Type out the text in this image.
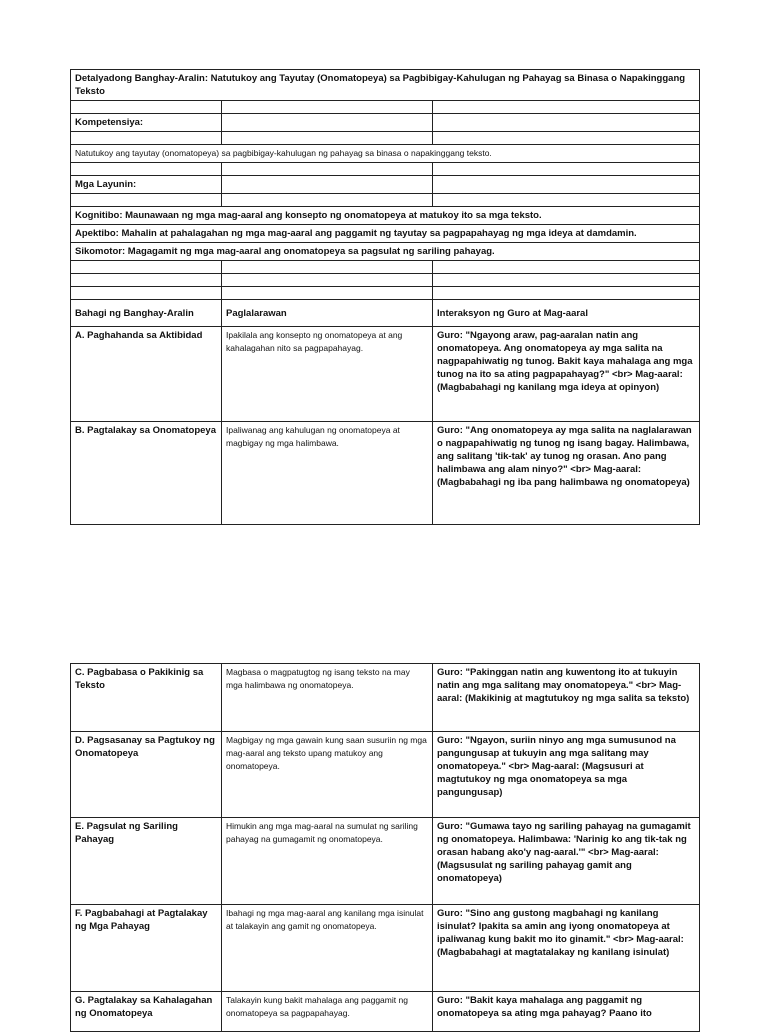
Detalyadong Banghay-Aralin: Natutukoy ang Tayutay (Onomatopeya) sa Pagbibigay-Kahulugan ng Pahayag sa Binasa o Napakinggang Teksto		

Kompetensiya:		

Natutukoy ang tayutay (onomatopeya) sa pagbibigay-kahulugan ng pahayag sa binasa o napakinggang teksto.		

Mga Layunin:		

Kognitibo: Maunawaan ng mga mag-aaral ang konsepto ng onomatopeya at matukoy ito sa mga teksto.		
Apektibo: Mahalin at pahalagahan ng mga mag-aaral ang paggamit ng tayutay sa pagpapahayag ng mga ideya at damdamin.		
Sikomotor: Magagamit ng mga mag-aaral ang onomatopeya sa pagsulat ng sariling pahayag.		

Bahagi ng Banghay-Aralin	Paglalarawan	Interaksyon ng Guro at Mag-aaral
A. Paghahanda sa Aktibidad	Ipakilala ang konsepto ng onomatopeya at ang kahalagahan nito sa pagpapahayag.	Guro: "Ngayong araw, pag-aaralan natin ang onomatopeya. Ang onomatopeya ay mga salita na nagpapahiwatig ng tunog. Bakit kaya mahalaga ang mga tunog na ito sa ating pagpapahayag?" <br> Mag-aaral: (Magbabahagi ng kanilang mga ideya at opinyon)
B. Pagtalakay sa Onomatopeya	Ipaliwanag ang kahulugan ng onomatopeya at magbigay ng mga halimbawa.	Guro: "Ang onomatopeya ay mga salita na naglalarawan o nagpapahiwatig ng tunog ng isang bagay. Halimbawa, ang salitang 'tik-tak' ay tunog ng orasan. Ano pang halimbawa ang alam ninyo?" <br> Mag-aaral: (Magbabahagi ng iba pang halimbawa ng onomatopeya)
C. Pagbabasa o Pakikinig sa Teksto	Magbasa o magpatugtog ng isang teksto na may mga halimbawa ng onomatopeya.	Guro: "Pakinggan natin ang kuwentong ito at tukuyin natin ang mga salitang may onomatopeya." <br> Mag-aaral: (Makikinig at magtutukoy ng mga salita sa teksto)
D. Pagsasanay sa Pagtukoy ng Onomatopeya	Magbigay ng mga gawain kung saan susuriin ng mga mag-aaral ang teksto upang matukoy ang onomatopeya.	Guro: "Ngayon, suriin ninyo ang mga sumusunod na pangungusap at tukuyin ang mga salitang may onomatopeya." <br> Mag-aaral: (Magsusuri at magtutukoy ng mga onomatopeya sa mga pangungusap)
E. Pagsulat ng Sariling Pahayag	Himukin ang mga mag-aaral na sumulat ng sariling pahayag na gumagamit ng onomatopeya.	Guro: "Gumawa tayo ng sariling pahayag na gumagamit ng onomatopeya. Halimbawa: 'Narinig ko ang tik-tak ng orasan habang ako'y nag-aaral.'" <br> Mag-aaral: (Magsusulat ng sariling pahayag gamit ang onomatopeya)
F. Pagbabahagi at Pagtalakay ng Mga Pahayag	Ibahagi ng mga mag-aaral ang kanilang mga isinulat at talakayin ang gamit ng onomatopeya.	Guro: "Sino ang gustong magbahagi ng kanilang isinulat? Ipakita sa amin ang iyong onomatopeya at ipaliwanag kung bakit mo ito ginamit." <br> Mag-aaral: (Magbabahagi at magtatalakay ng kanilang isinulat)
G. Pagtalakay sa Kahalagahan ng Onomatopeya	Talakayin kung bakit mahalaga ang paggamit ng onomatopeya sa pagpapahayag.	Guro: "Bakit kaya mahalaga ang paggamit ng onomatopeya sa ating mga pahayag? Paano ito
